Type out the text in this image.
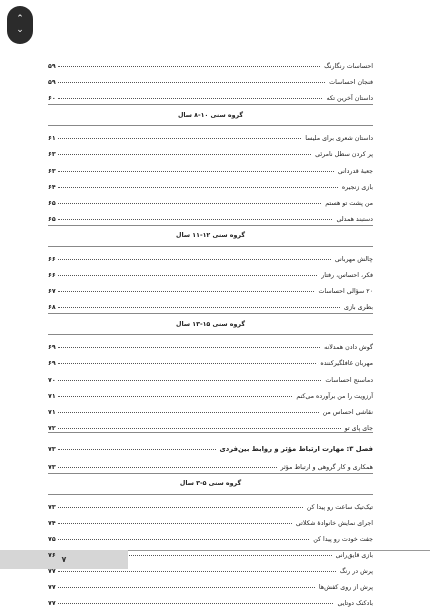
⌃
⌄
احساسات رنگارنگ
۵۹
فنجان احساسات
۵۹
داستان آخرین تکه
۶۰
گروه سنی ۱۰-۸ سال
داستان شعری برای ملیسا
۶۱
پر کردن سطل نامرئی
۶۳
جعبهٔ قدردانی
۶۳
بازی زنجیره
۶۴
من پشت تو هستم
۶۵
دستبند همدلی
۶۵
گروه سنی ۱۲-۱۱ سال
چالش مهربانی
۶۶
فکر، احساس، رفتار
۶۶
۲۰ سؤالی احساسات
۶۷
بطری بازی
۶۸
گروه سنی ۱۵-۱۳ سال
گوش دادن همدلانه
۶۹
مهربان غافلگیرکننده
۶۹
دماسنج احساسات
۷۰
آرزویت را من برآورده می‌کنم
۷۱
نقاشی احساس من
۷۱
جای پای تو
۷۲
فصل ۳: مهارت ارتباط مؤثر و روابط بین‌فردی
۷۳
همکاری و کار گروهی و ارتباط مؤثر
۷۳
گروه سنی ۵-۳ سال
تیک‌تیک ساعت رو پیدا کن
۷۳
اجرای نمایش خانوادهٔ شکلاتی
۷۴
جفت خودت رو پیدا کن
۷۵
بازی قایق‌رانی
۷۶
پرش در رنگ
۷۷
پرش از روی کفش‌ها
۷۷
بادکنک دوتایی
۷۷
۷
